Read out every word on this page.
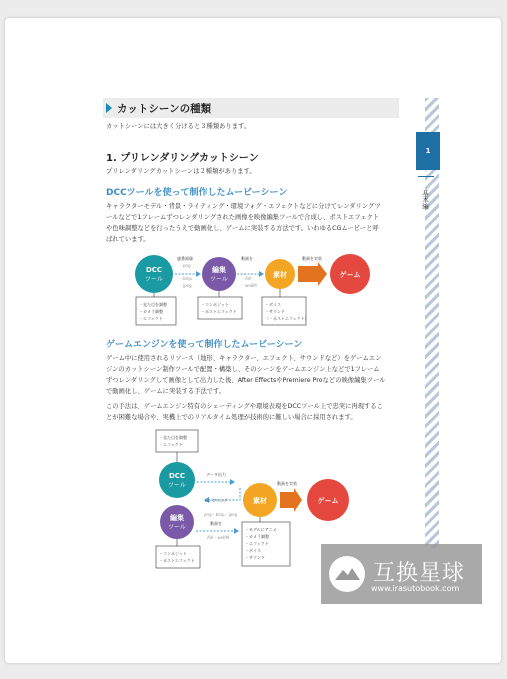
カットシーンの種類

カットシーンには大きく分けると３種類あります。

1. プリレンダリングカットシーン

プリレンダリングカットシーンは２種類があります。

DCCツールを使って制作したムービーシーン

キャラクターモデル・背景・ライティング・環境フォグ・エフェクトなどに分けてレンダリングツ

ールなどで1フレームずつレンダリングされた画像を映像編集ツールで合成し、ポストエフェクト

や色味調整などを行ったうえで動画化し、ゲームに実装する方法です。いわゆるCGムービーと呼

ばれています。

DCC
ツール
連番画像
・png
・bmp
・jpeg
編集
ツール
動画を
・AVI
・webM
素材
動画を実装
ゲーム
・見た目を調整
・カメラ調整
・エフェクト
・コンポジット
・ポストエフェクト
・ボイス
・サウンド
（・ポストエフェクト）

ゲームエンジンを使って制作したムービーシーン

ゲーム中に使用されるリソース（地形、キャラクター、エフェクト、サウンドなど）をゲームエン

ジンのカットシーン制作ツールで配置・構築し、そのシーンをゲームエンジン上などで1フレーム

ずつレンダリングして画像として出力した後、After EffectsやPremiere Proなどの映像編集ツール

で動画化し、ゲームに実装する手法です。

この手法は、ゲームエンジン特有のシェーディングや環境表現をDCCツール上で忠実に再現するこ

とが困難な場合や、実機上でのリアルタイム処理が技術的に難しい場合に採用されます。

・見た目を調整
・エフェクト
DCC
ツール
データ出力
レンダリング
png・bmp・jpeg
編集
ツール
動画を
AVI・webM
素材
動画を実装
ゲーム
・コンポジット
・ポストエフェクト
・モデルにアニメ
・カメラ調整
・エフェクト
・ボイス
・サウンド
1
基本編
互换星球
www.irasutobook.com
